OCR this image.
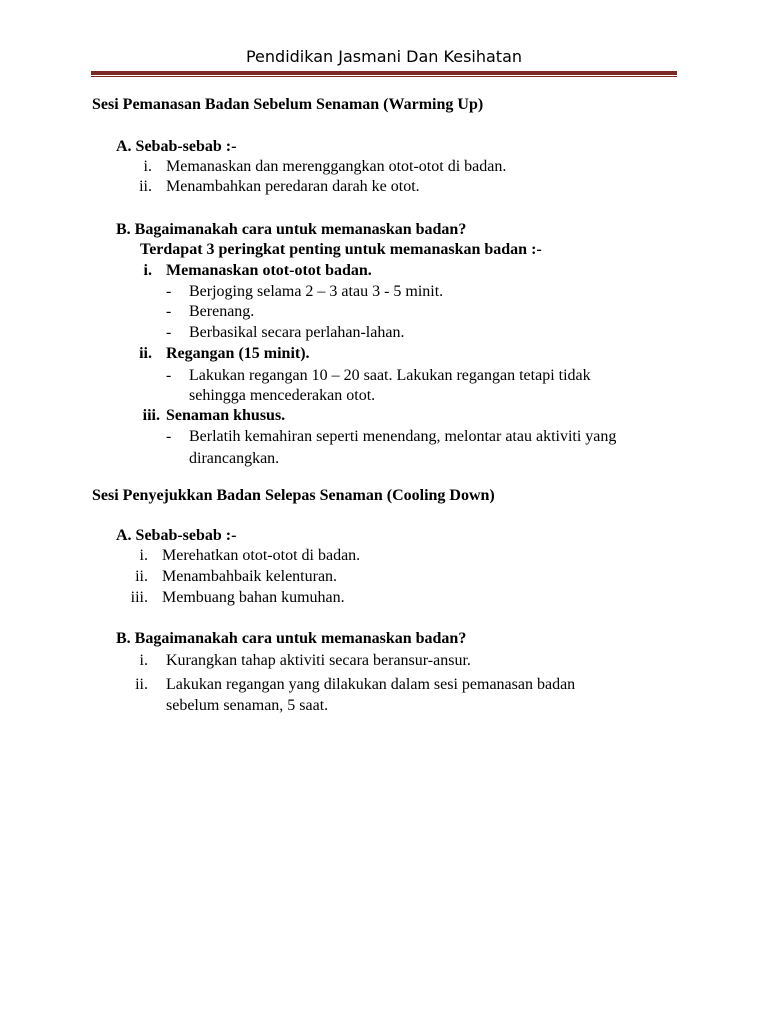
Pendidikan Jasmani Dan Kesihatan
Sesi Pemanasan Badan Sebelum Senaman (Warming Up)
A. Sebab-sebab :-
i. Memanaskan dan merenggangkan otot-otot di badan.
ii. Menambahkan peredaran darah ke otot.
B. Bagaimanakah cara untuk memanaskan badan?
Terdapat 3 peringkat penting untuk memanaskan badan :-
i. Memanaskan otot-otot badan.
- Berjoging selama 2 – 3 atau 3 - 5 minit.
- Berenang.
- Berbasikal secara perlahan-lahan.
ii. Regangan (15 minit).
- Lakukan regangan 10 – 20 saat. Lakukan regangan tetapi tidak
sehingga mencederakan otot.
iii. Senaman khusus.
- Berlatih kemahiran seperti menendang, melontar atau aktiviti yang
dirancangkan.
Sesi Penyejukkan Badan Selepas Senaman (Cooling Down)
A. Sebab-sebab :-
i. Merehatkan otot-otot di badan.
ii. Menambahbaik kelenturan.
iii. Membuang bahan kumuhan.
B. Bagaimanakah cara untuk memanaskan badan?
i. Kurangkan tahap aktiviti secara beransur-ansur.
ii. Lakukan regangan yang dilakukan dalam sesi pemanasan badan
sebelum senaman, 5 saat.
